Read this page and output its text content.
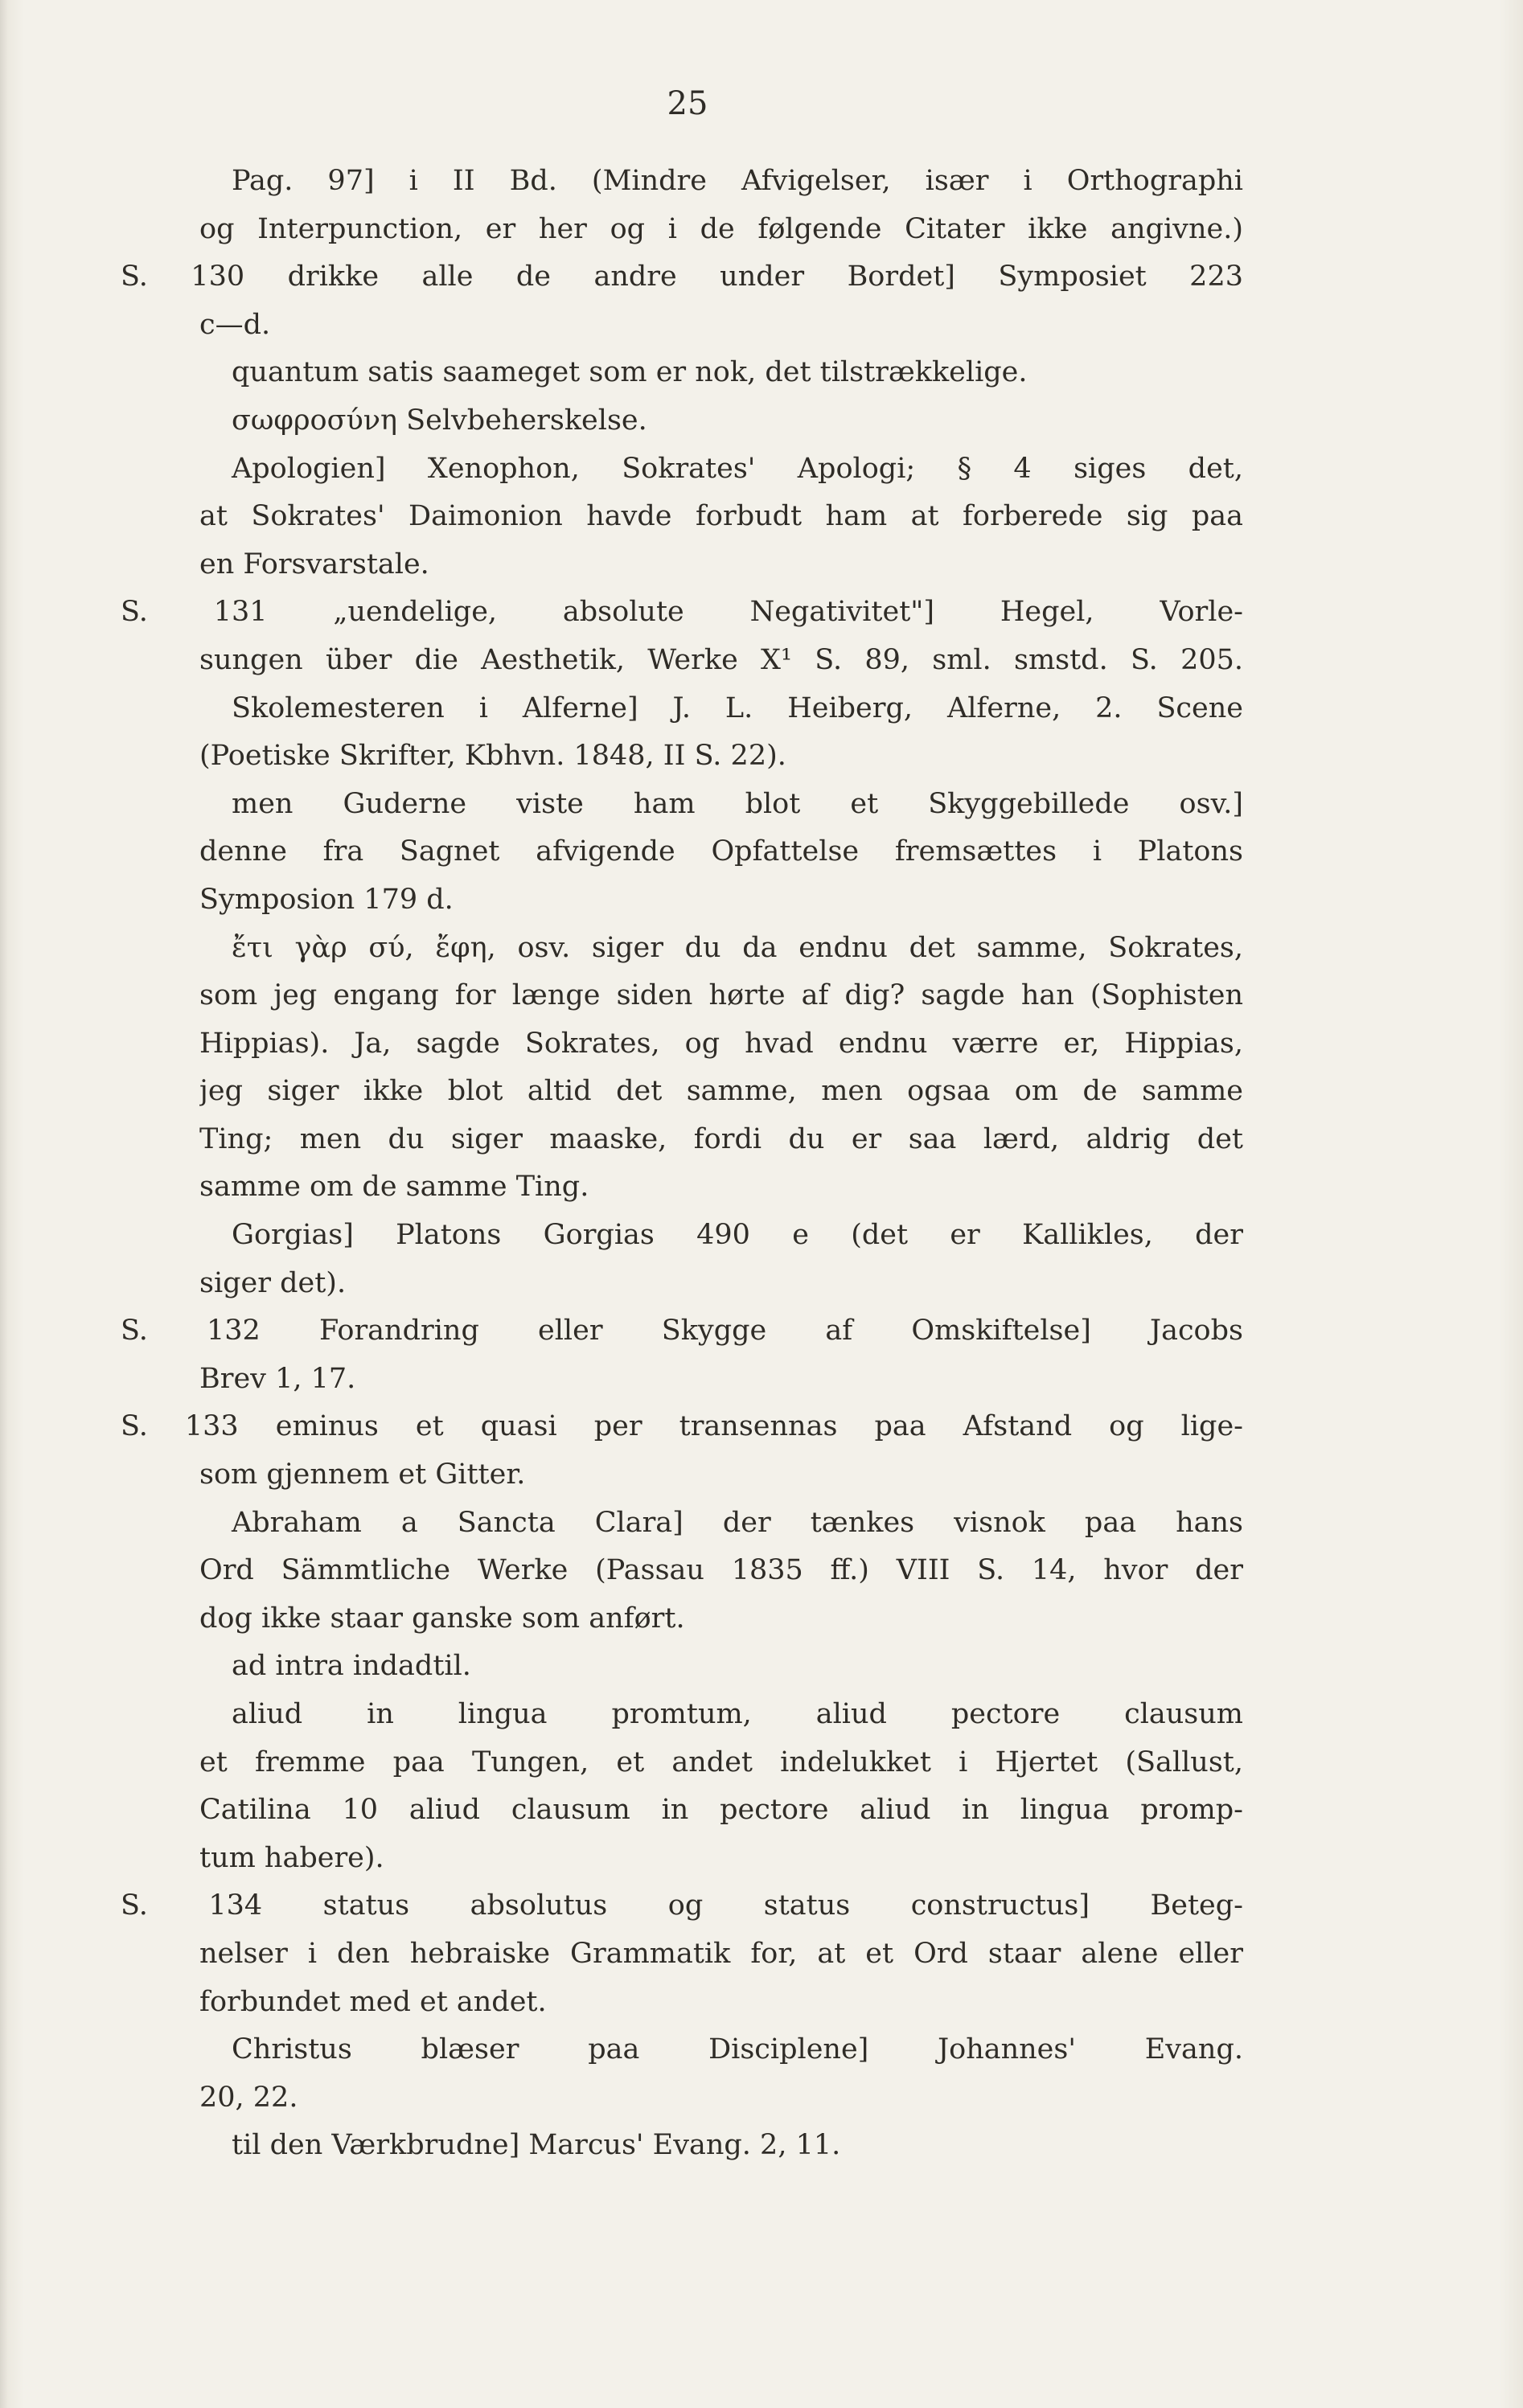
25
Pag. 97] i II Bd. (Mindre Afvigelser, især i Orthographi
og Interpunction, er her og i de følgende Citater ikke angivne.)
S. 130 drikke alle de andre under Bordet] Symposiet 223
c—d.
quantum satis saameget som er nok, det tilstrækkelige.
σωφροσύνη Selvbeherskelse.
Apologien] Xenophon, Sokrates' Apologi; § 4 siges det,
at Sokrates' Daimonion havde forbudt ham at forberede sig paa
en Forsvarstale.
S. 131 „uendelige, absolute Negativitet"] Hegel, Vorle-
sungen über die Aesthetik, Werke X¹ S. 89, sml. smstd. S. 205.
Skolemesteren i Alferne] J. L. Heiberg, Alferne, 2. Scene
(Poetiske Skrifter, Kbhvn. 1848, II S. 22).
men Guderne viste ham blot et Skyggebillede osv.]
denne fra Sagnet afvigende Opfattelse fremsættes i Platons
Symposion 179 d.
ἔτι γὰρ σύ, ἔφη, osv. siger du da endnu det samme, Sokrates,
som jeg engang for længe siden hørte af dig? sagde han (Sophisten
Hippias). Ja, sagde Sokrates, og hvad endnu værre er, Hippias,
jeg siger ikke blot altid det samme, men ogsaa om de samme
Ting; men du siger maaske, fordi du er saa lærd, aldrig det
samme om de samme Ting.
Gorgias] Platons Gorgias 490 e (det er Kallikles, der
siger det).
S. 132 Forandring eller Skygge af Omskiftelse] Jacobs
Brev 1, 17.
S. 133 eminus et quasi per transennas paa Afstand og lige-
som gjennem et Gitter.
Abraham a Sancta Clara] der tænkes visnok paa hans
Ord Sämmtliche Werke (Passau 1835 ff.) VIII S. 14, hvor der
dog ikke staar ganske som anført.
ad intra indadtil.
aliud in lingua promtum, aliud pectore clausum
et fremme paa Tungen, et andet indelukket i Hjertet (Sallust,
Catilina 10 aliud clausum in pectore aliud in lingua promp-
tum habere).
S. 134 status absolutus og status constructus] Beteg-
nelser i den hebraiske Grammatik for, at et Ord staar alene eller
forbundet med et andet.
Christus blæser paa Disciplene] Johannes' Evang.
20, 22.
til den Værkbrudne] Marcus' Evang. 2, 11.
